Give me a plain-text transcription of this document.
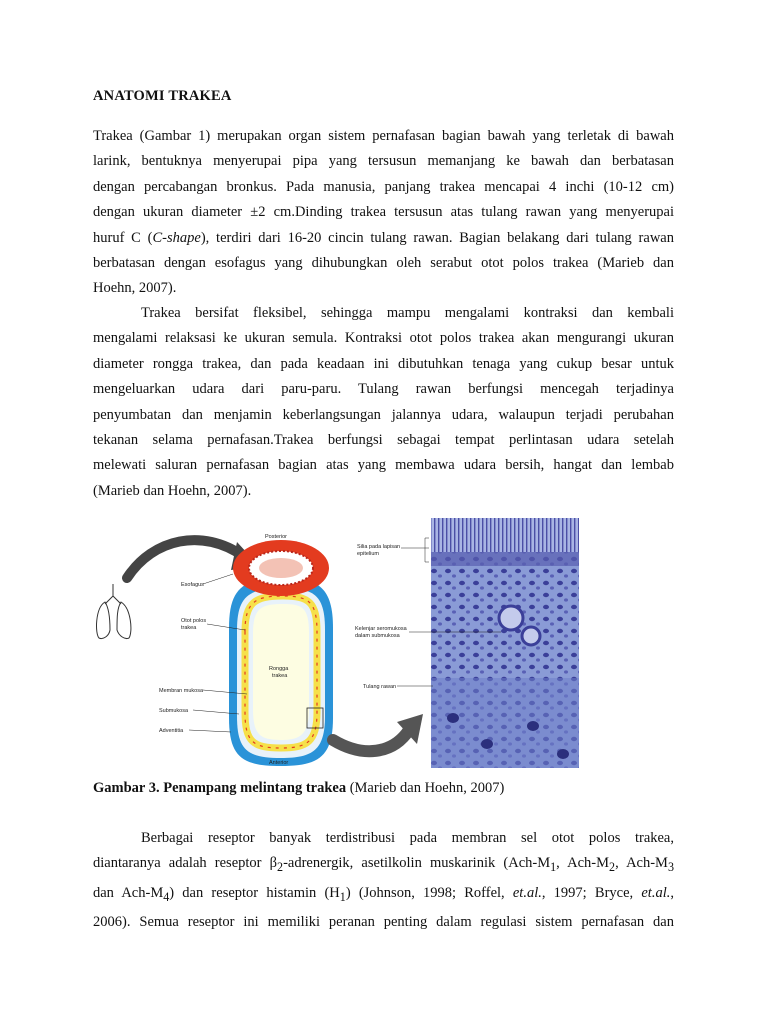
ANATOMI TRAKEA
Trakea (Gambar 1) merupakan organ sistem pernafasan bagian bawah yang terletak di bawah
larink, bentuknya menyerupai pipa yang tersusun memanjang ke bawah dan berbatasan
dengan percabangan bronkus. Pada manusia, panjang trakea mencapai 4 inchi (10-12 cm)
dengan ukuran diameter ±2 cm.Dinding trakea tersusun atas tulang rawan yang menyerupai
huruf C (C-shape), terdiri dari 16-20 cincin tulang rawan. Bagian belakang dari tulang rawan
berbatasan dengan esofagus yang dihubungkan oleh serabut otot polos trakea (Marieb dan
Hoehn, 2007).
Trakea bersifat fleksibel, sehingga mampu mengalami kontraksi dan kembali
mengalami relaksasi ke ukuran semula. Kontraksi otot polos trakea akan mengurangi ukuran
diameter rongga trakea, dan pada keadaan ini dibutuhkan tenaga yang cukup besar untuk
mengeluarkan udara dari paru-paru. Tulang rawan berfungsi mencegah terjadinya
penyumbatan dan menjamin keberlangsungan jalannya udara, walaupun terjadi perubahan
tekanan selama pernafasan.Trakea berfungsi sebagai tempat perlintasan udara setelah
melewati saluran pernafasan bagian atas yang membawa udara bersih, hangat dan lembab
(Marieb dan Hoehn, 2007).
Posterior
Esofagus
Otot polos
trakea
Rongga
trakea
Membran mukosa
Submukosa
Adventitia
Anterior
Silia pada lapisan
epitelium
Kelenjar seromukosa
dalam submukosa
Tulang rawan
Gambar 3. Penampang melintang trakea (Marieb dan Hoehn, 2007)
Berbagai reseptor banyak terdistribusi pada membran sel otot polos trakea,
diantaranya adalah reseptor $\beta_2$-adrenergik, asetilkolin muskarinik ($Ach-M_1$, Ach-$M_2$, Ach-$M_3$
dan Ach-$M_4$) dan reseptor histamin $(H_1)$ (Johnson, 1998; Roffel, et.al., 1997; Bryce, et.al.,
2006). Semua reseptor ini memiliki peranan penting dalam regulasi sistem pernafasan dan
